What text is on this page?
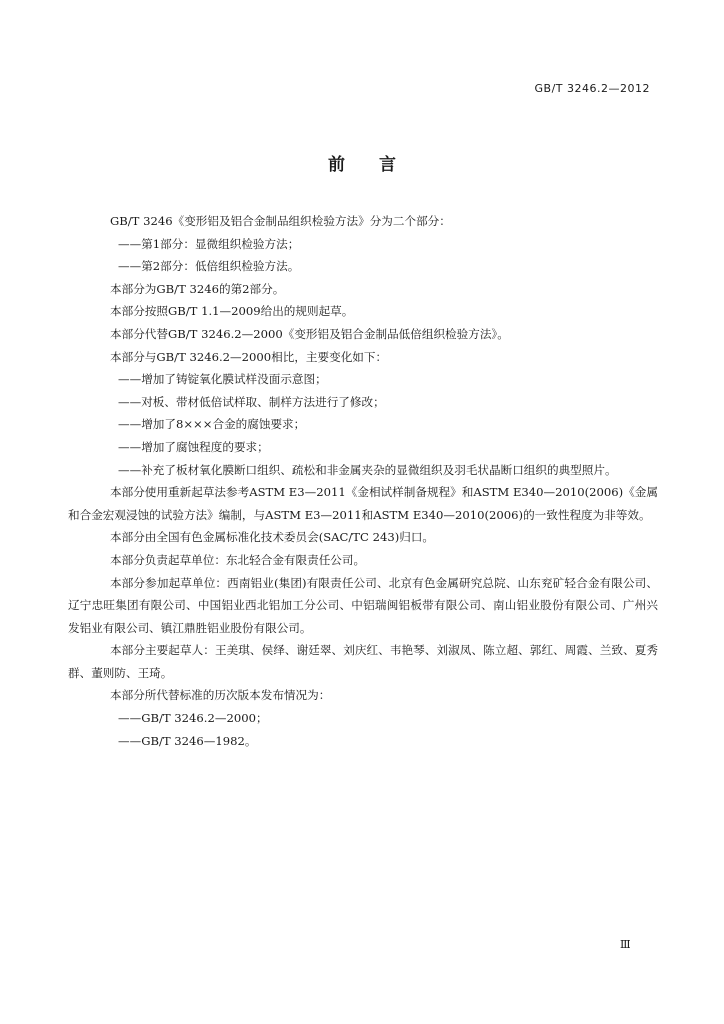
GB/T 3246.2—2012
前言

GB/T 3246《变形铝及铝合金制品组织检验方法》分为二个部分：

——第1部分：显微组织检验方法；

——第2部分：低倍组织检验方法。

本部分为GB/T 3246的第2部分。

本部分按照GB/T 1.1—2009给出的规则起草。

本部分代替GB/T 3246.2—2000《变形铝及铝合金制品低倍组织检验方法》。

本部分与GB/T 3246.2—2000相比，主要变化如下：

——增加了铸锭氧化膜试样没面示意图；

——对板、带材低倍试样取、制样方法进行了修改；

——增加了8×××合金的腐蚀要求；

——增加了腐蚀程度的要求；

——补充了板材氧化膜断口组织、疏松和非金属夹杂的显微组织及羽毛状晶断口组织的典型照片。

本部分使用重新起草法参考ASTM E3—2011《金相试样制备规程》和ASTM E340—2010(2006)《金属和合金宏观浸蚀的试验方法》编制，与ASTM E3—2011和ASTM E340—2010(2006)的一致性程度为非等效。

本部分由全国有色金属标准化技术委员会(SAC/TC 243)归口。

本部分负责起草单位：东北轻合金有限责任公司。

本部分参加起草单位：西南铝业(集团)有限责任公司、北京有色金属研究总院、山东兖矿轻合金有限公司、辽宁忠旺集团有限公司、中国铝业西北铝加工分公司、中铝瑞闽铝板带有限公司、南山铝业股份有限公司、广州兴发铝业有限公司、镇江鼎胜铝业股份有限公司。

本部分主要起草人：王美琪、侯绎、谢廷翠、刘庆红、韦艳琴、刘淑凤、陈立超、郭红、周霞、兰致、夏秀群、董则防、王琦。

本部分所代替标准的历次版本发布情况为：

——GB/T 3246.2—2000；

——GB/T 3246—1982。

Ⅲ
